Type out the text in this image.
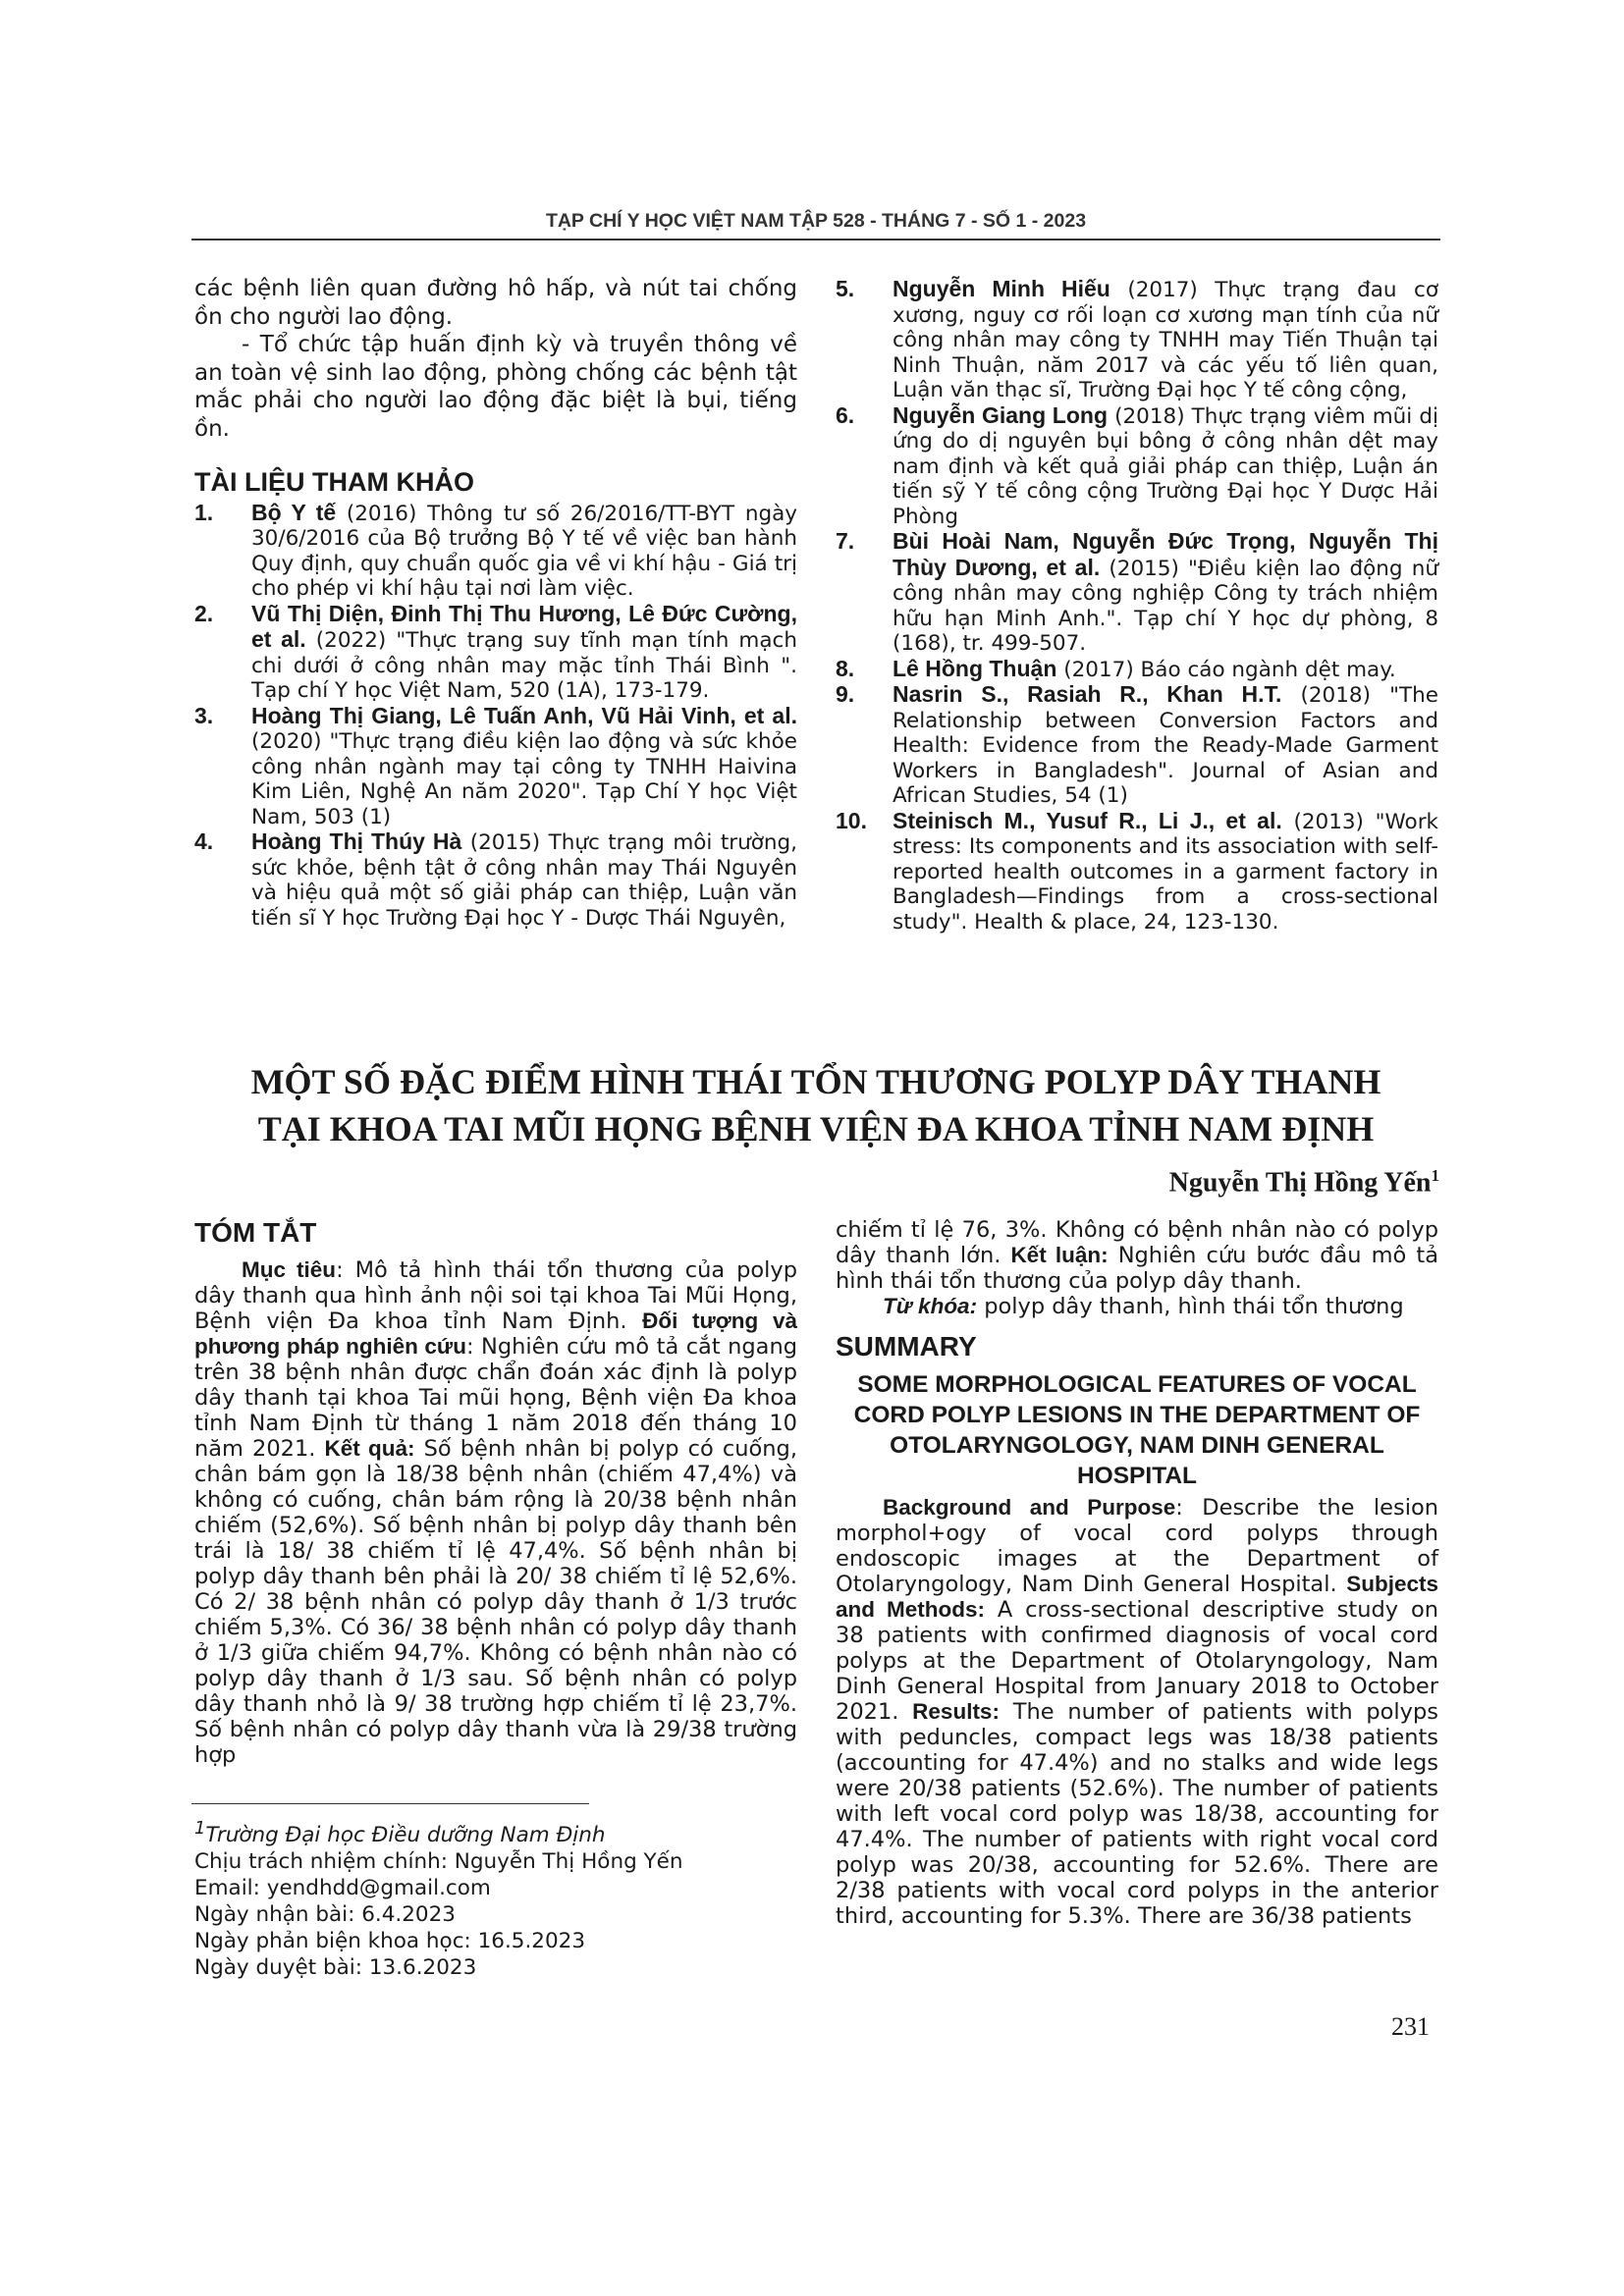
TẠP CHÍ Y HỌC VIỆT NAM TẬP 528 - THÁNG 7 - SỐ 1 - 2023

các bệnh liên quan đường hô hấp, và nút tai chống ồn cho người lao động.

- Tổ chức tập huấn định kỳ và truyền thông về an toàn vệ sinh lao động, phòng chống các bệnh tật mắc phải cho người lao động đặc biệt là bụi, tiếng ồn.

TÀI LIỆU THAM KHẢO
1.	Bộ Y tế (2016) Thông tư số 26/2016/TT-BYT ngày 30/6/2016 của Bộ trưởng Bộ Y tế về việc ban hành Quy định, quy chuẩn quốc gia về vi khí hậu - Giá trị cho phép vi khí hậu tại nơi làm việc.
2.	Vũ Thị Diện, Đinh Thị Thu Hương, Lê Đức Cường, et al. (2022) "Thực trạng suy tĩnh mạn tính mạch chi dưới ở công nhân may mặc tỉnh Thái Bình ". Tạp chí Y học Việt Nam, 520 (1A), 173-179.
3.	Hoàng Thị Giang, Lê Tuấn Anh, Vũ Hải Vinh, et al. (2020) "Thực trạng điều kiện lao động và sức khỏe công nhân ngành may tại công ty TNHH Haivina Kim Liên, Nghệ An năm 2020". Tạp Chí Y học Việt Nam, 503 (1)
4.	Hoàng Thị Thúy Hà (2015) Thực trạng môi trường, sức khỏe, bệnh tật ở công nhân may Thái Nguyên và hiệu quả một số giải pháp can thiệp, Luận văn tiến sĩ Y học Trường Đại học Y - Dược Thái Nguyên,
5.	Nguyễn Minh Hiếu (2017) Thực trạng đau cơ xương, nguy cơ rối loạn cơ xương mạn tính của nữ công nhân may công ty TNHH may Tiến Thuận tại Ninh Thuận, năm 2017 và các yếu tố liên quan, Luận văn thạc sĩ, Trường Đại học Y tế công cộng,
6.	Nguyễn Giang Long (2018) Thực trạng viêm mũi dị ứng do dị nguyên bụi bông ở công nhân dệt may nam định và kết quả giải pháp can thiệp, Luận án tiến sỹ Y tế công cộng Trường Đại học Y Dược Hải Phòng
7.	Bùi Hoài Nam, Nguyễn Đức Trọng, Nguyễn Thị Thùy Dương, et al. (2015) "Điều kiện lao động nữ công nhân may công nghiệp Công ty trách nhiệm hữu hạn Minh Anh.". Tạp chí Y học dự phòng, 8 (168), tr. 499-507.
8.	Lê Hồng Thuận (2017) Báo cáo ngành dệt may.
9.	Nasrin S., Rasiah R., Khan H.T. (2018) "The Relationship between Conversion Factors and Health: Evidence from the Ready-Made Garment Workers in Bangladesh". Journal of Asian and African Studies, 54 (1)
10.	Steinisch M., Yusuf R., Li J., et al. (2013) "Work stress: Its components and its association with self-reported health outcomes in a garment factory in Bangladesh—Findings from a cross-sectional study". Health & place, 24, 123-130.
MỘT SỐ ĐẶC ĐIỂM HÌNH THÁI TỔN THƯƠNG POLYP DÂY THANH
TẠI KHOA TAI MŨI HỌNG BỆNH VIỆN ĐA KHOA TỈNH NAM ĐỊNH
Nguyễn Thị Hồng Yến$^1$
TÓM TẮT

Mục tiêu: Mô tả hình thái tổn thương của polyp dây thanh qua hình ảnh nội soi tại khoa Tai Mũi Họng, Bệnh viện Đa khoa tỉnh Nam Định. Đối tượng và phương pháp nghiên cứu: Nghiên cứu mô tả cắt ngang trên 38 bệnh nhân được chẩn đoán xác định là polyp dây thanh tại khoa Tai mũi họng, Bệnh viện Đa khoa tỉnh Nam Định từ tháng 1 năm 2018 đến tháng 10 năm 2021. Kết quả: Số bệnh nhân bị polyp có cuống, chân bám gọn là 18/38 bệnh nhân (chiếm 47,4%) và không có cuống, chân bám rộng là 20/38 bệnh nhân chiếm (52,6%). Số bệnh nhân bị polyp dây thanh bên trái là 18/ 38 chiếm tỉ lệ 47,4%. Số bệnh nhân bị polyp dây thanh bên phải là 20/ 38 chiếm tỉ lệ 52,6%. Có 2/ 38 bệnh nhân có polyp dây thanh ở 1/3 trước chiếm 5,3%. Có 36/ 38 bệnh nhân có polyp dây thanh ở 1/3 giữa chiếm 94,7%. Không có bệnh nhân nào có polyp dây thanh ở 1/3 sau. Số bệnh nhân có polyp dây thanh nhỏ là 9/ 38 trường hợp chiếm tỉ lệ 23,7%. Số bệnh nhân có polyp dây thanh vừa là 29/38 trường hợp

chiếm tỉ lệ 76, 3%. Không có bệnh nhân nào có polyp dây thanh lớn. Kết luận: Nghiên cứu bước đầu mô tả hình thái tổn thương của polyp dây thanh.

Từ khóa: polyp dây thanh, hình thái tổn thương

SUMMARY
SOME MORPHOLOGICAL FEATURES OF VOCAL CORD POLYP LESIONS IN THE DEPARTMENT OF OTOLARYNGOLOGY, NAM DINH GENERAL HOSPITAL

Background and Purpose: Describe the lesion morphol+ogy of vocal cord polyps through endoscopic images at the Department of Otolaryngology, Nam Dinh General Hospital. Subjects and Methods: A cross-sectional descriptive study on 38 patients with confirmed diagnosis of vocal cord polyps at the Department of Otolaryngology, Nam Dinh General Hospital from January 2018 to October 2021. Results: The number of patients with polyps with peduncles, compact legs was 18/38 patients (accounting for 47.4%) and no stalks and wide legs were 20/38 patients (52.6%). The number of patients with left vocal cord polyp was 18/38, accounting for 47.4%. The number of patients with right vocal cord polyp was 20/38, accounting for 52.6%. There are 2/38 patients with vocal cord polyps in the anterior third, accounting for 5.3%. There are 36/38 patients

$^1$Trường Đại học Điều dưỡng Nam Định
Chịu trách nhiệm chính: Nguyễn Thị Hồng Yến
Email: yendhdd@gmail.com
Ngày nhận bài: 6.4.2023
Ngày phản biện khoa học: 16.5.2023
Ngày duyệt bài: 13.6.2023
231
